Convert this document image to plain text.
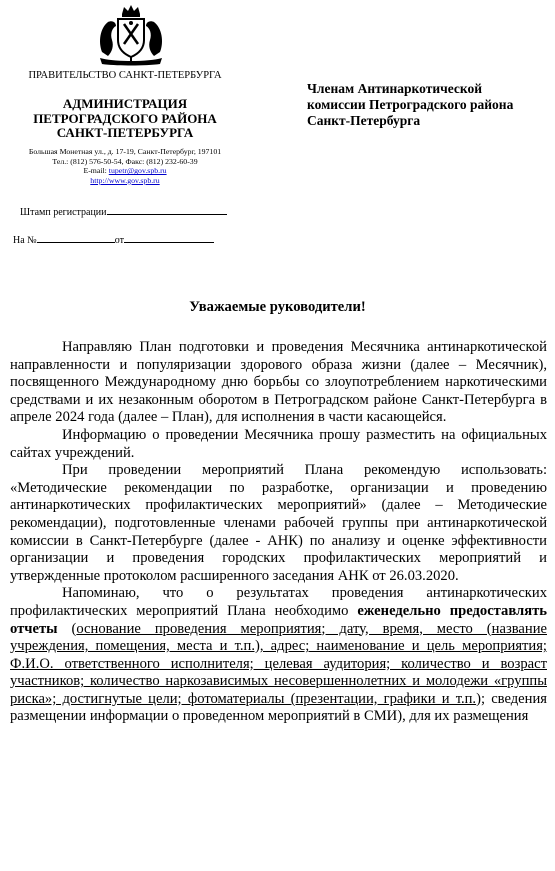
ПРАВИТЕЛЬСТВО САНКТ-ПЕТЕРБУРГА
АДМИНИСТРАЦИЯ
ПЕТРОГРАДСКОГО РАЙОНА
САНКТ-ПЕТЕРБУРГА
Большая Монетная ул., д. 17-19, Санкт-Петербург, 197101
Тел.: (812) 576-50-54, Факс: (812) 232-60-39
E-mail: tupetr@gov.spb.ru
http://www.gov.spb.ru
Штамп регистрации
На №	от
Членам Антинаркотической
комиссии Петроградского района
Санкт-Петербурга
Уважаемые руководители!

Направляю План подготовки и проведения Месячника антинаркотической направленности и популяризации здорового образа жизни (далее – Месячник), посвященного Международному дню борьбы со злоупотреблением наркотическими средствами и их незаконным оборотом в Петроградском районе Санкт-Петербурга в апреле 2024 года (далее – План), для исполнения в части касающейся.

Информацию о проведении Месячника прошу разместить на официальных сайтах учреждений.

При проведении мероприятий Плана рекомендую использовать: «Методические рекомендации по разработке, организации и проведению антинаркотических профилактических мероприятий» (далее – Методические рекомендации), подготовленные членами рабочей группы при антинаркотической комиссии в Санкт-Петербурге (далее - АНК) по анализу и оценке эффективности организации и проведения городских профилактических мероприятий и утвержденные протоколом расширенного заседания АНК от 26.03.2020.

Напоминаю, что о результатах проведения антинаркотических профилактических мероприятий Плана необходимо еженедельно предоставлять отчеты (основание проведения мероприятия; дату, время, место (название учреждения, помещения, места и т.п.), адрес; наименование и цель мероприятия; Ф.И.О. ответственного исполнителя; целевая аудитория; количество и возраст участников; количество наркозависимых несовершеннолетних и молодежи «группы риска»; достигнутые цели; фотоматериалы (презентации, графики и т.п.); сведения размещении информации о проведенном мероприятий в СМИ), для их размещения
